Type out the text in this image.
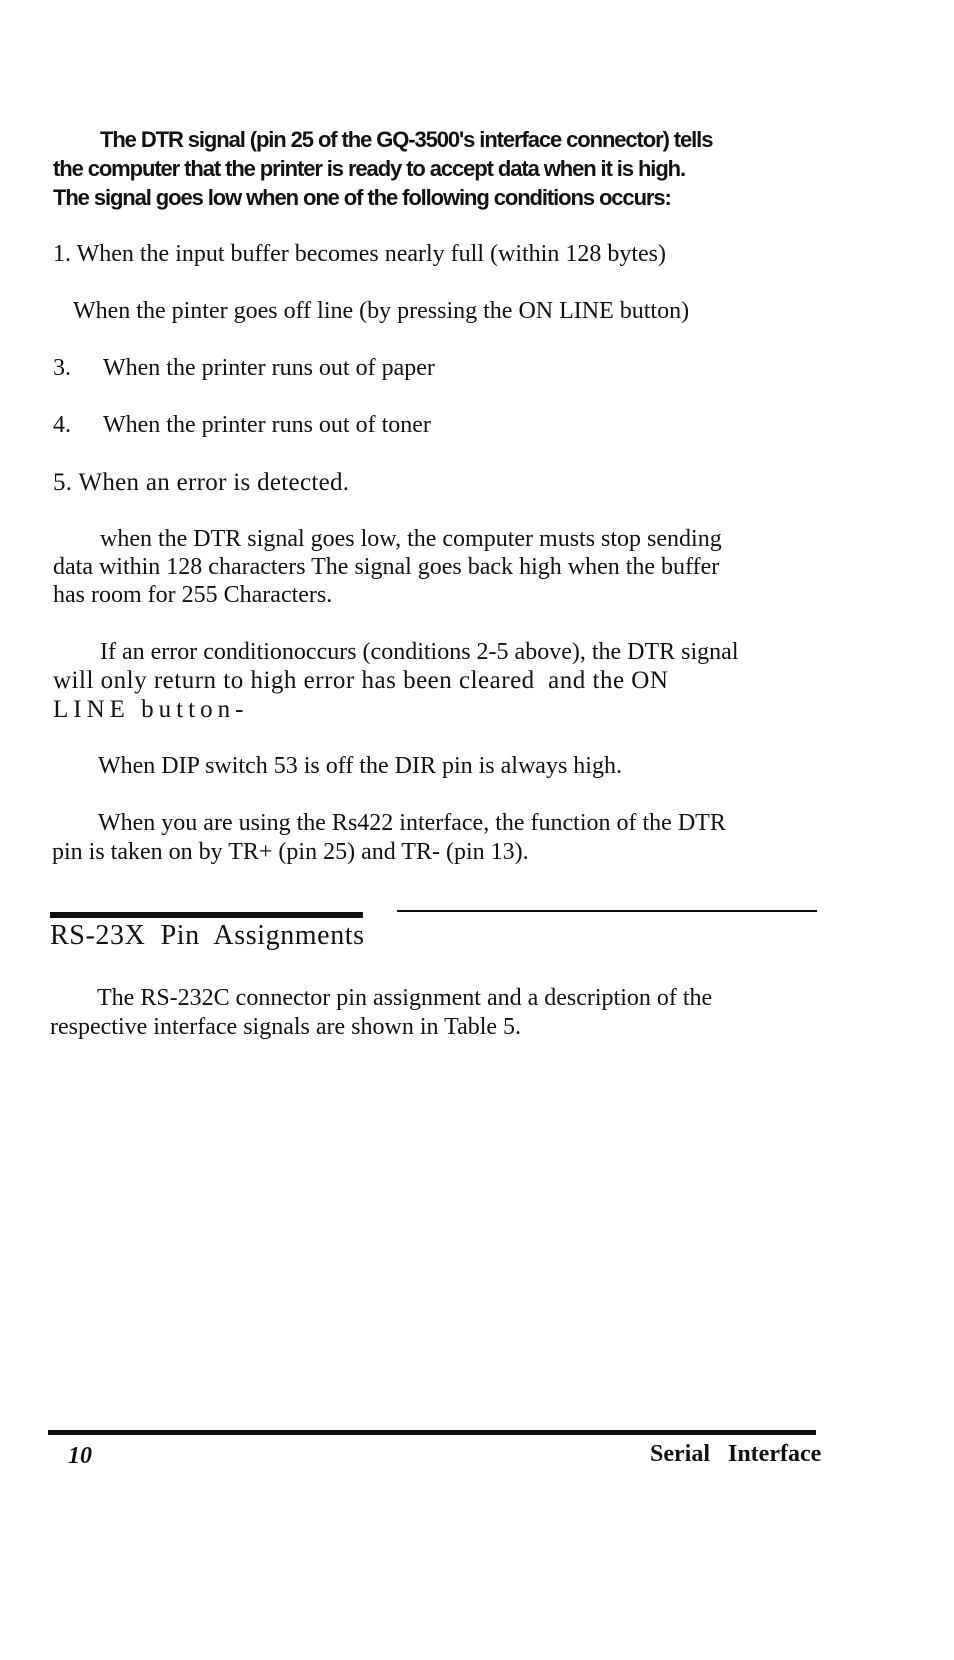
The DTR signal (pin 25 of the GQ-3500's interface connector) tells

the computer that the printer is ready to accept data when it is high.

The signal goes low when one of the following conditions occurs:

1. When the input buffer becomes nearly full (within 128 bytes)

When the pinter goes off line (by pressing the ON LINE button)

3. When the printer runs out of paper

4. When the printer runs out of toner

5. When an error is detected.

when the DTR signal goes low, the computer musts stop sending

data within 128 characters The signal goes back high when the buffer

has room for 255 Characters.

If an error conditionoccurs (conditions 2-5 above), the DTR signal

will only return to high error has been cleared  and the ON

LINE button-

When DIP switch 53 is off the DIR pin is always high.

When you are using the Rs422 interface, the function of the DTR

pin is taken on by TR+ (pin 25) and TR- (pin 13).

RS-23X  Pin  Assignments

The RS-232C connector pin assignment and a description of the

respective interface signals are shown in Table 5.

10	Serial   Interface
